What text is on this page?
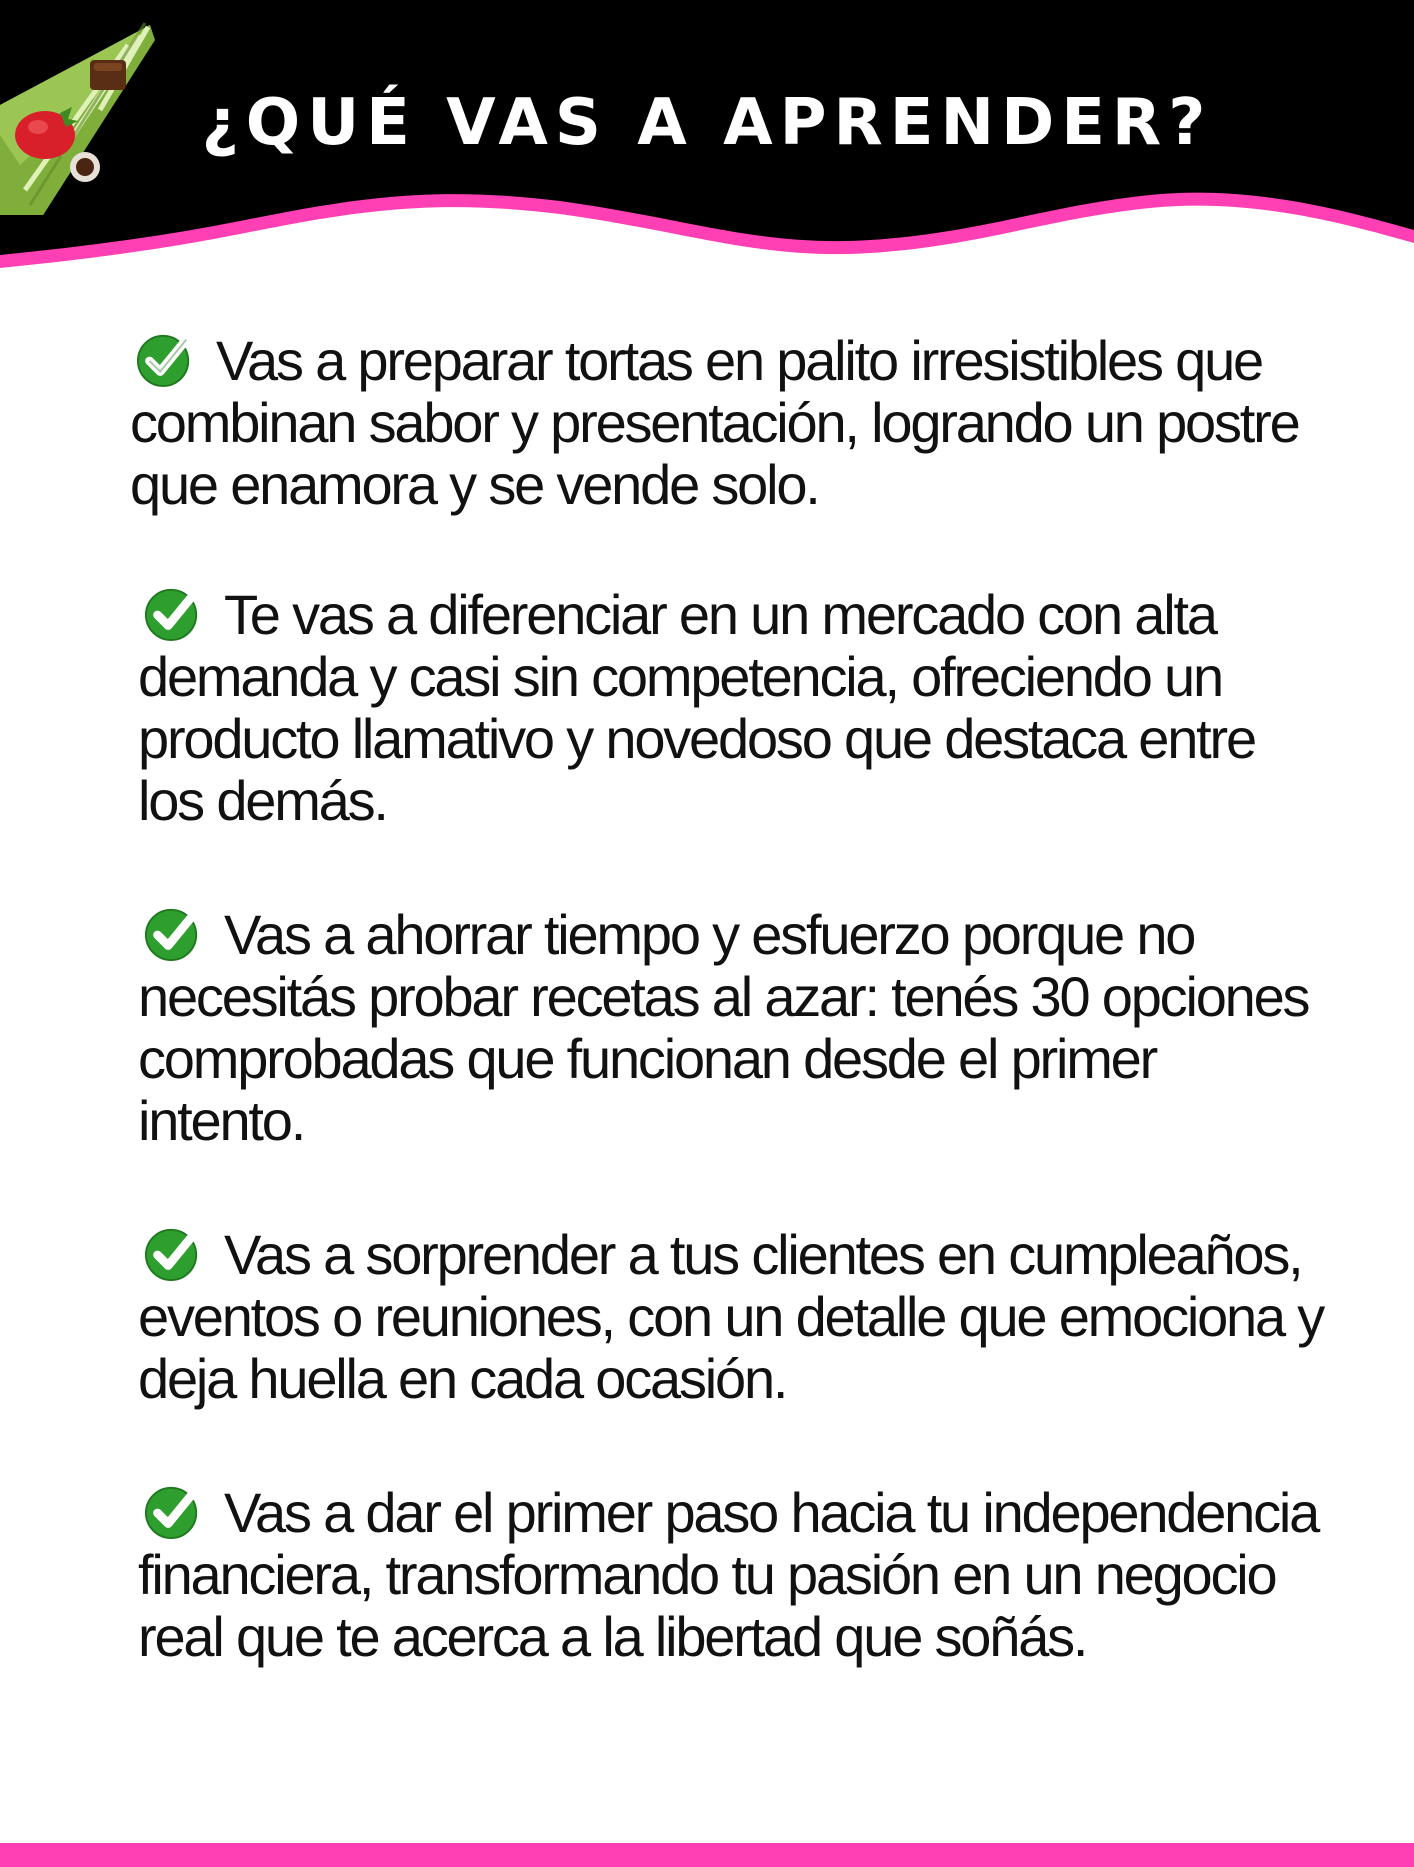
¿QUÉ VAS A APRENDER?
Vas a preparar tortas en palito irresistibles que combinan sabor y presentación, logrando un postre que enamora y se vende solo.
Te vas a diferenciar en un mercado con alta demanda y casi sin competencia, ofreciendo un producto llamativo y novedoso que destaca entre los demás.
Vas a ahorrar tiempo y esfuerzo porque no necesitás probar recetas al azar: tenés 30 opciones comprobadas que funcionan desde el primer intento.
Vas a sorprender a tus clientes en cumpleaños, eventos o reuniones, con un detalle que emociona y deja huella en cada ocasión.
Vas a dar el primer paso hacia tu independencia financiera, transformando tu pasión en un negocio real que te acerca a la libertad que soñás.
